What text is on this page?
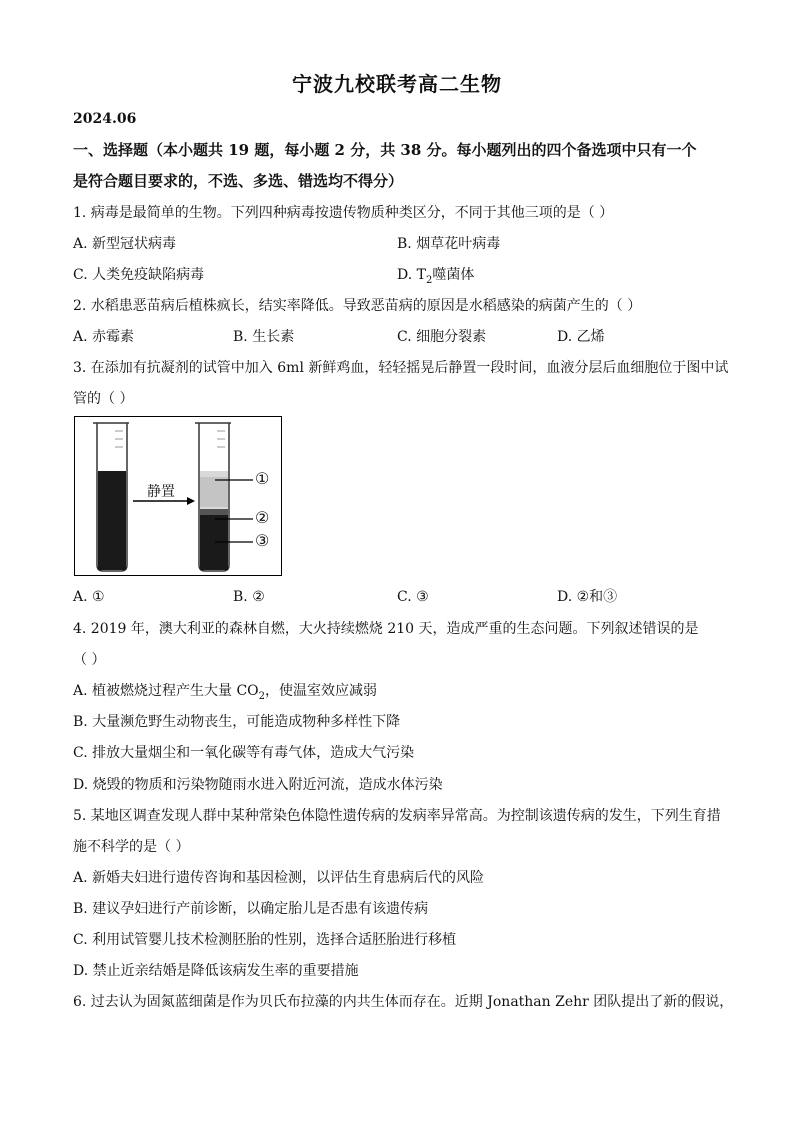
宁波九校联考高二生物
2024.06
一、选择题（本小题共 19 题，每小题 2 分，共 38 分。每小题列出的四个备选项中只有一个
是符合题目要求的，不选、多选、错选均不得分）
1. 病毒是最简单的生物。下列四种病毒按遗传物质种类区分，不同于其他三项的是（ ）
A. 新型冠状病毒	B. 烟草花叶病毒
C. 人类免疫缺陷病毒	D. $T_2$噬菌体
2. 水稻患恶苗病后植株疯长，结实率降低。导致恶苗病的原因是水稻感染的病菌产生的（ ）
A. 赤霉素	B. 生长素	C. 细胞分裂素	D. 乙烯
3. 在添加有抗凝剂的试管中加入 6ml 新鲜鸡血，轻轻摇晃后静置一段时间，血液分层后血细胞位于图中试
管的（ ）
静置
①
②
③
A. ①	B. ②	C. ③	D. ②和③
4. 2019 年，澳大利亚的森林自燃，大火持续燃烧 210 天，造成严重的生态问题。下列叙述错误的是
（ ）
A. 植被燃烧过程产生大量 $CO_2$，使温室效应减弱
B. 大量濒危野生动物丧生，可能造成物种多样性下降
C. 排放大量烟尘和一氧化碳等有毒气体，造成大气污染
D. 烧毁的物质和污染物随雨水进入附近河流，造成水体污染
5. 某地区调查发现人群中某种常染色体隐性遗传病的发病率异常高。为控制该遗传病的发生，下列生育措
施不科学的是（ ）
A. 新婚夫妇进行遗传咨询和基因检测，以评估生育患病后代的风险
B. 建议孕妇进行产前诊断，以确定胎儿是否患有该遗传病
C. 利用试管婴儿技术检测胚胎的性别，选择合适胚胎进行移植
D. 禁止近亲结婚是降低该病发生率的重要措施
6. 过去认为固氮蓝细菌是作为贝氏布拉藻的内共生体而存在。近期 Jonathan Zehr 团队提出了新的假说，
